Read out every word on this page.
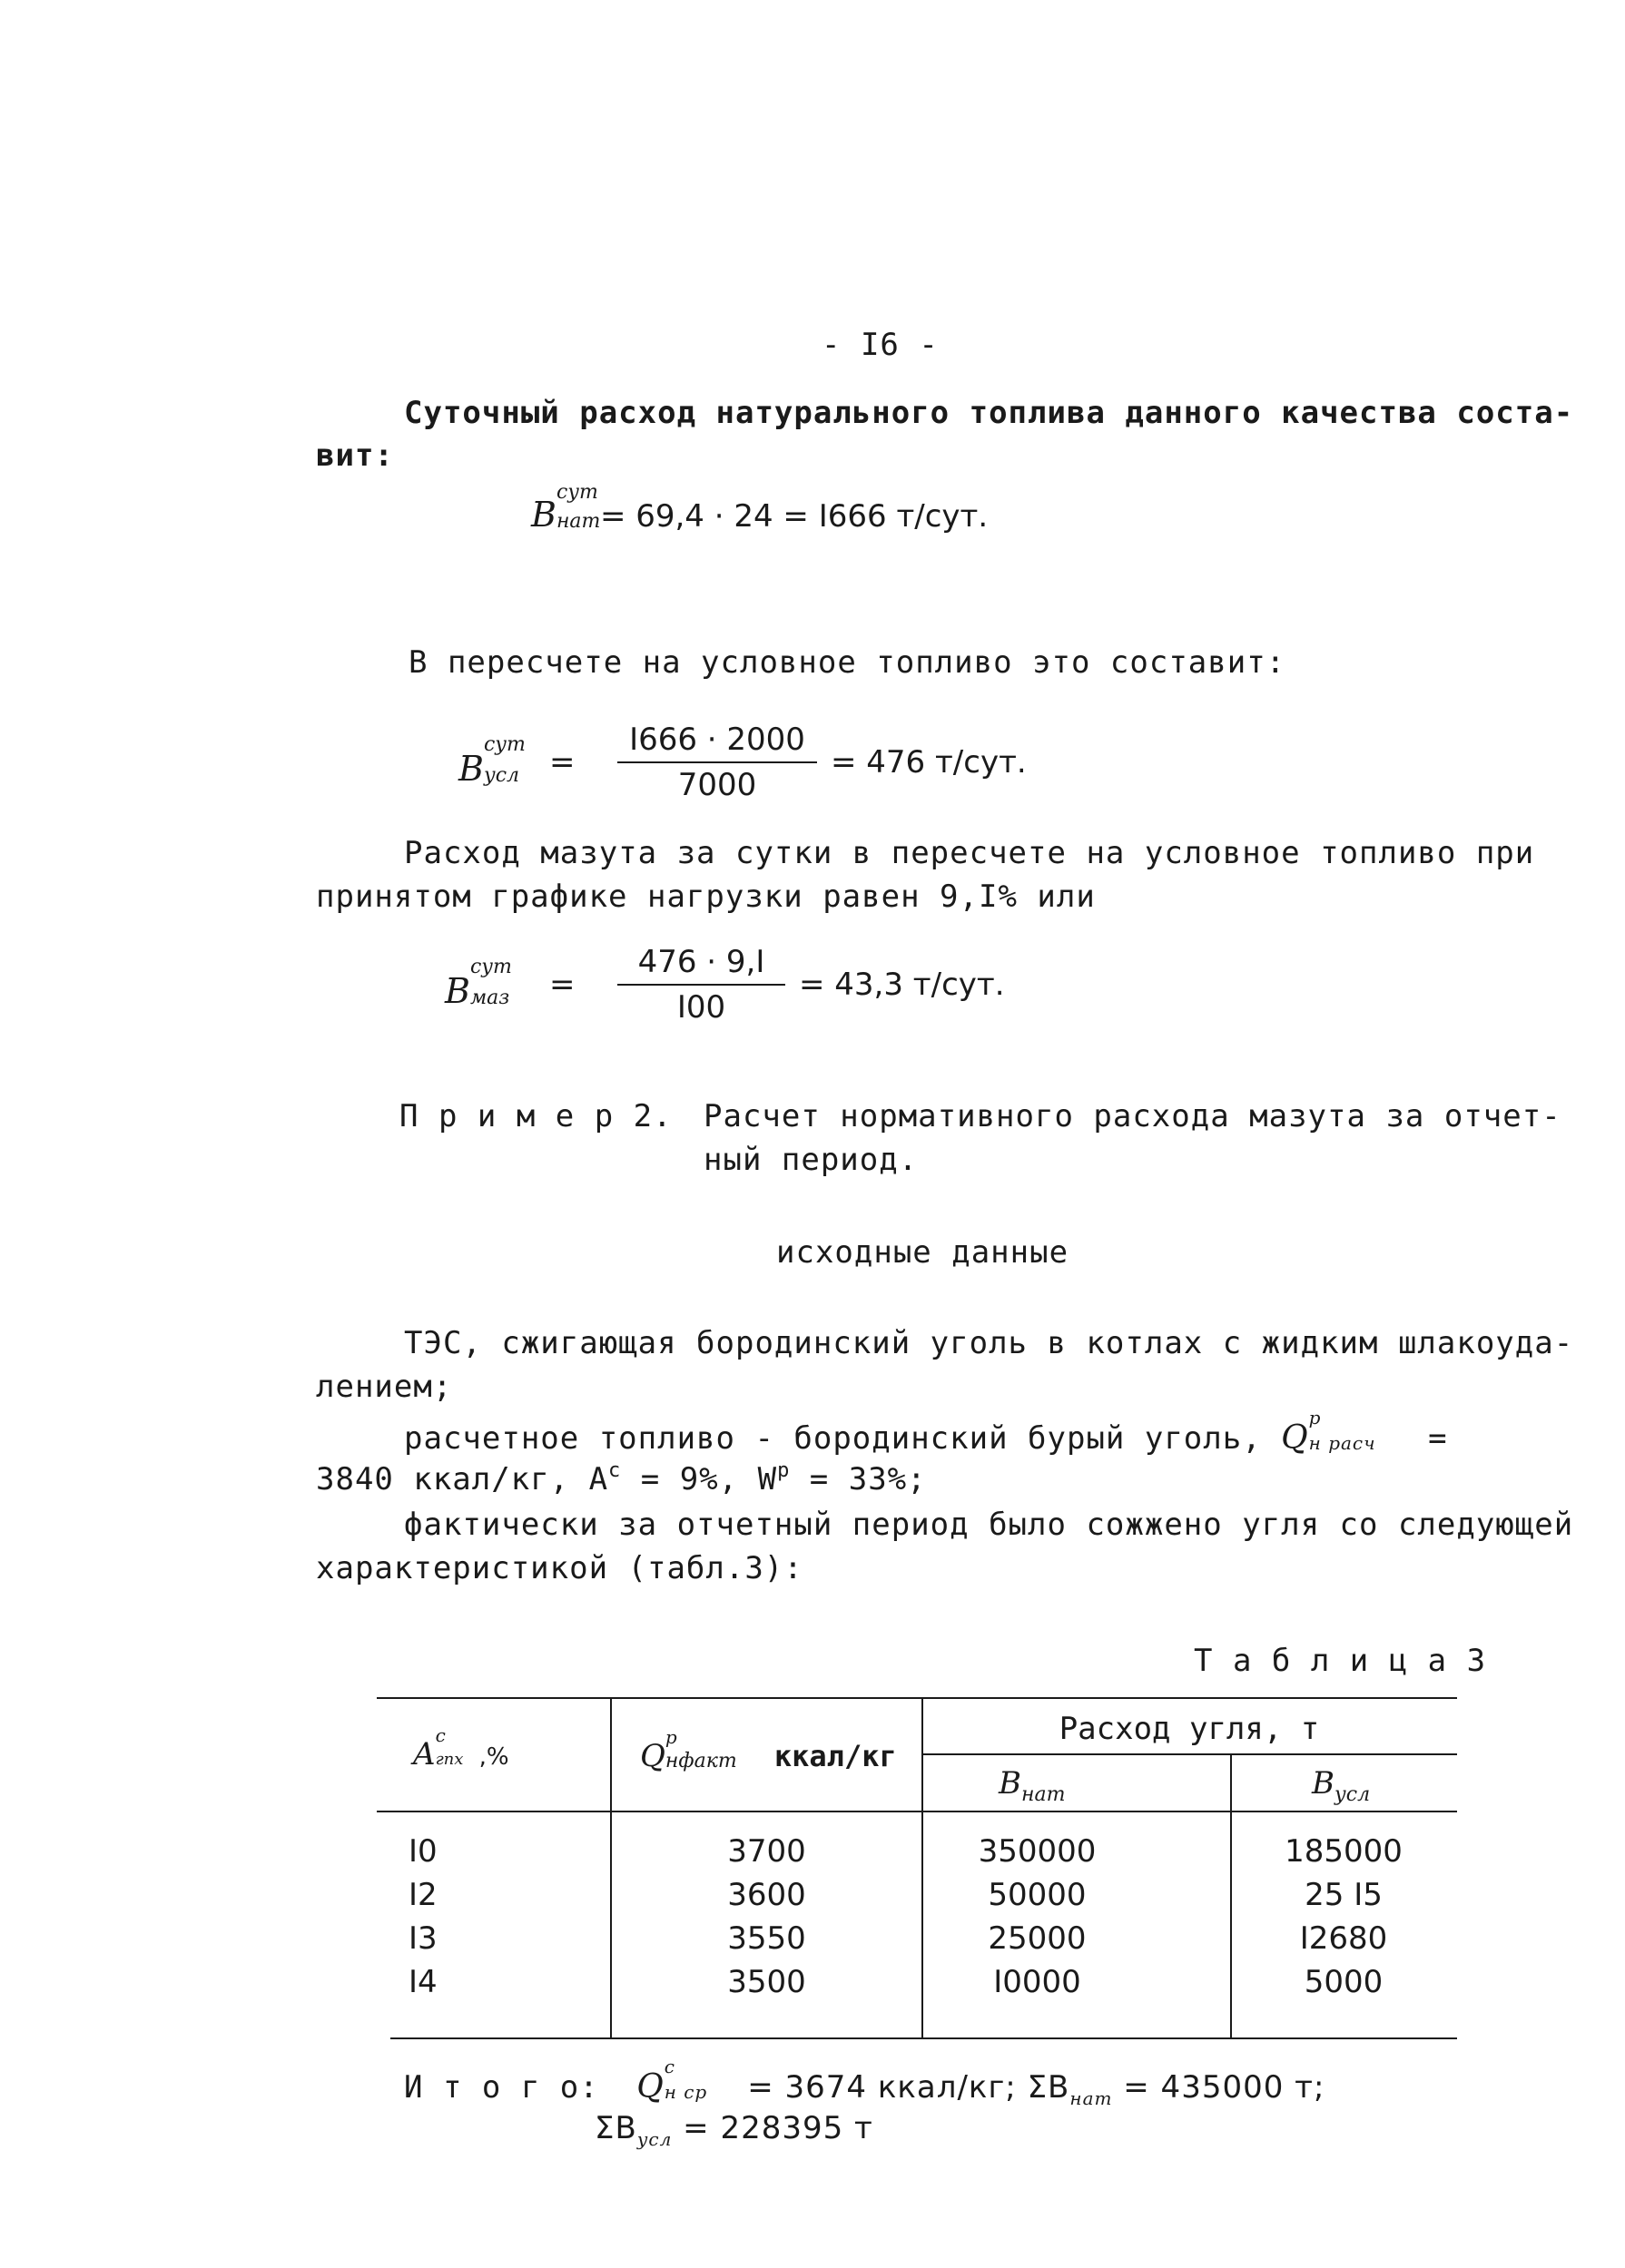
- I6 -
Суточный расход натурального топлива данного качества соста-
вит:
B
сут
нат = 69,4 · 24 = I666 т/сут.
В пересчете на условное топливо это составит:
B
сут
усл =
I666 · 2000
7000
= 476 т/сут.
Расход мазута за сутки в пересчете на условное топливо при
принятом графике нагрузки равен 9,I% или
B
сут
маз =
476 · 9,I
I00
= 43,3 т/сут.
П р и м е р 2. Расчет нормативного расхода мазута за отчет-
ный период.
исходные данные
ТЭС, сжигающая бородинский уголь в котлах с жидким шлакоуда-
лением;
расчетное топливо - бородинский бурый уголь, Q
р
н расч =
3840 ккал/кг, $A^c = 9\%$, $W^р = 33\%$;
фактически за отчетный период было сожжено угля со следующей
характеристикой (табл.3):
Т а б л и ц а 3
A
c
гпх ,%	Q
р
нфакт ккал/кг
Расход угля, т
$B_{нат}$	$B_{усл}$
I0	3700	350000	185000
I2	3600	50000	25 I5
I3	3550	25000	I2680
I4	3500	I0000	5000
И т о г о: Q
с
н ср = 3674 ккал/кг; $\Sigma B_{нат} = 435000$ т;
$\Sigma B_{усл} = 228395$ т
